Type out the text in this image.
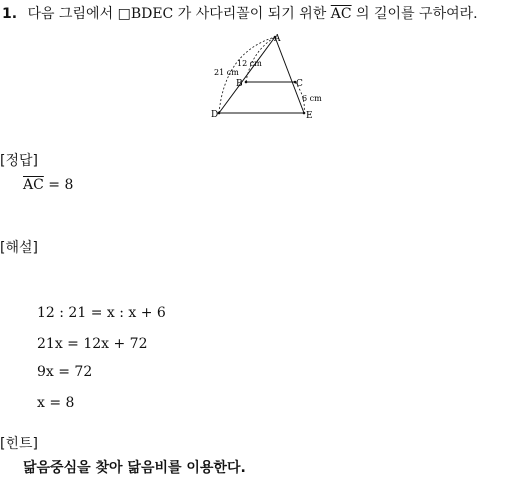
1. 다음 그림에서 □BDEC 가 사다리꼴이 되기 위한 $\overline{AC}$ 의 길이를 구하여라.
A
B	C
D	E
12 cm
21 cm
6 cm
[정답]
$\overline{AC} = 8$
[해설]
12 : 21 = x : x + 6
21x = 12x + 72
9x = 72
x = 8
[힌트]
닮음중심을 찾아 닮음비를 이용한다.
